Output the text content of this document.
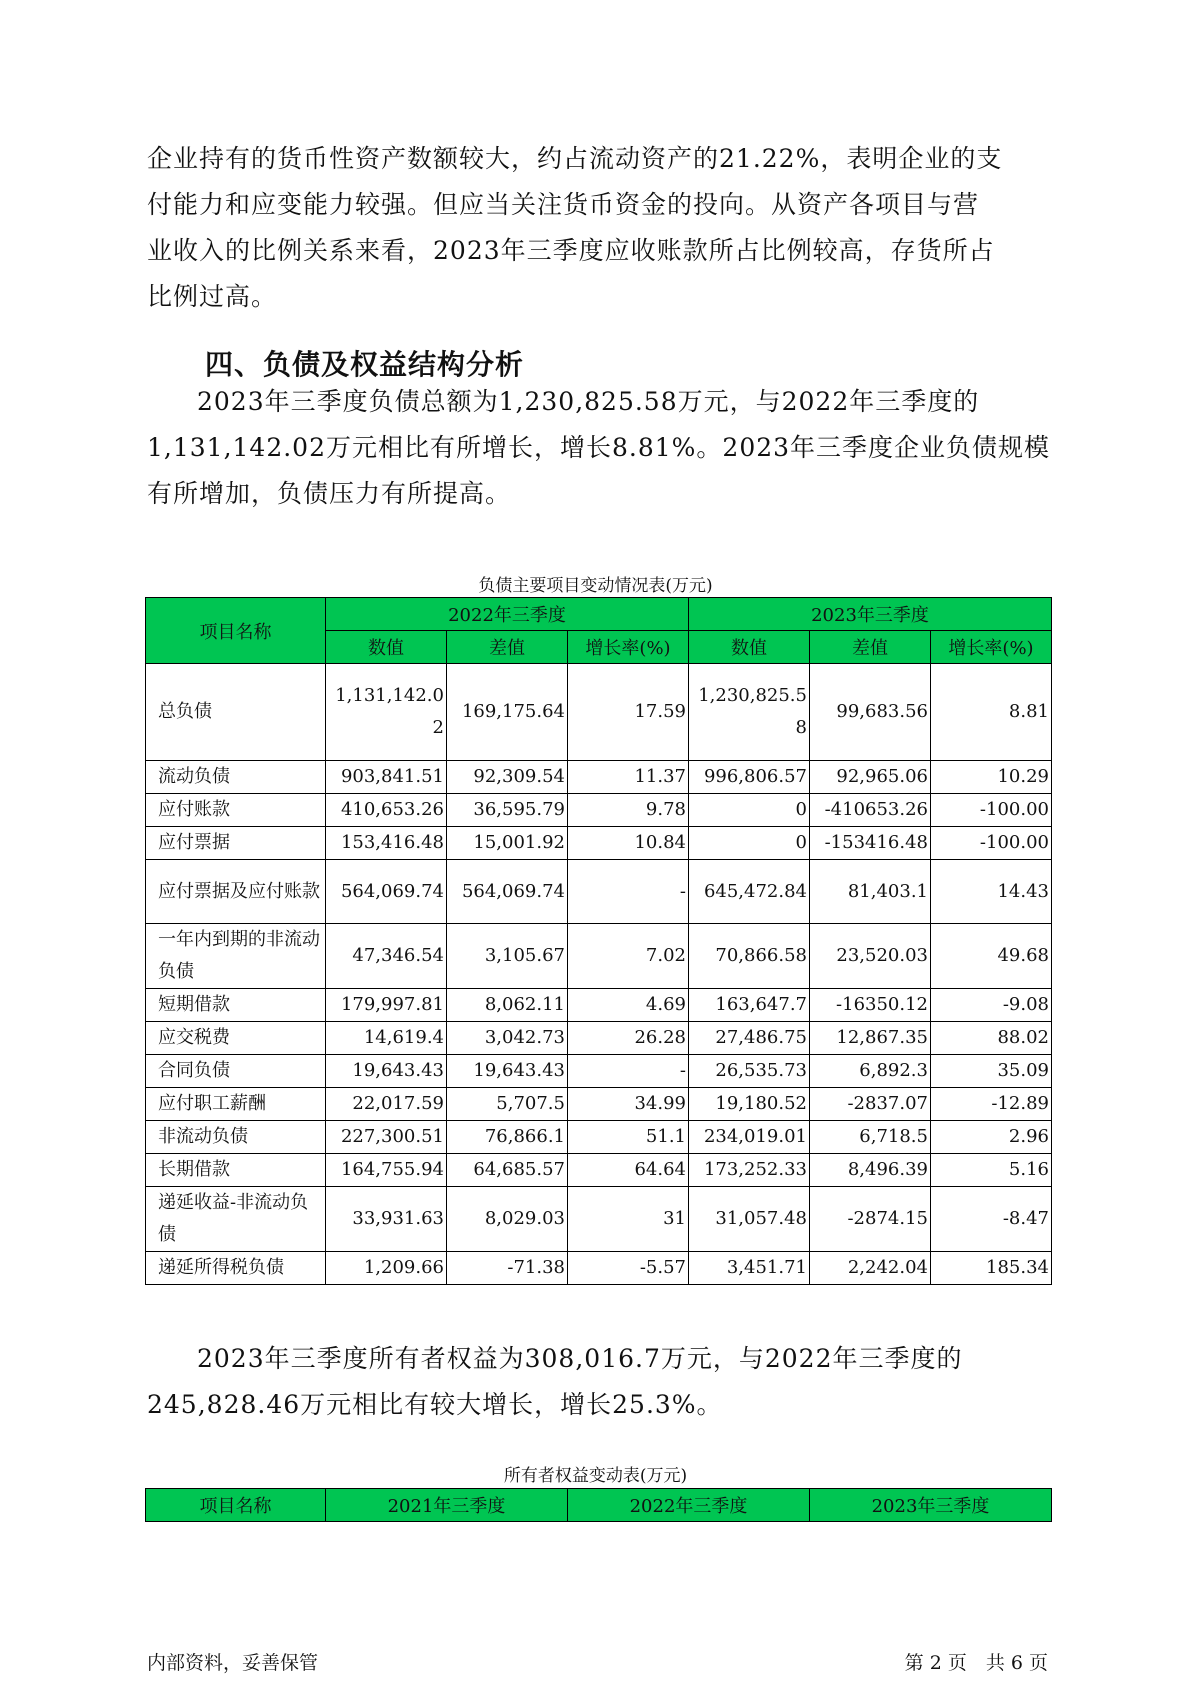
企业持有的货币性资产数额较大，约占流动资产的21.22%，表明企业的支
付能力和应变能力较强。但应当关注货币资金的投向。从资产各项目与营
业收入的比例关系来看，2023年三季度应收账款所占比例较高，存货所占
比例过高。
四、负债及权益结构分析
2023年三季度负债总额为1,230,825.58万元，与2022年三季度的
1,131,142.02万元相比有所增长，增长8.81%。2023年三季度企业负债规模
有所增加，负债压力有所提高。

负债主要项目变动情况表(万元)

项目名称	2022年三季度			2023年三季度		
	数值	差值	增长率(%)	数值	差值	增长率(%)
总负债	1,131,142.02	169,175.64	17.59	1,230,825.58	99,683.56	8.81
流动负债	903,841.51	92,309.54	11.37	996,806.57	92,965.06	10.29
应付账款	410,653.26	36,595.79	9.78	0	-410653.26	-100.00
应付票据	153,416.48	15,001.92	10.84	0	-153416.48	-100.00
应付票据及应付账款	564,069.74	564,069.74	-	645,472.84	81,403.1	14.43
一年内到期的非流动负债	47,346.54	3,105.67	7.02	70,866.58	23,520.03	49.68
短期借款	179,997.81	8,062.11	4.69	163,647.7	-16350.12	-9.08
应交税费	14,619.4	3,042.73	26.28	27,486.75	12,867.35	88.02
合同负债	19,643.43	19,643.43	-	26,535.73	6,892.3	35.09
应付职工薪酬	22,017.59	5,707.5	34.99	19,180.52	-2837.07	-12.89
非流动负债	227,300.51	76,866.1	51.1	234,019.01	6,718.5	2.96
长期借款	164,755.94	64,685.57	64.64	173,252.33	8,496.39	5.16
递延收益-非流动负债	33,931.63	8,029.03	31	31,057.48	-2874.15	-8.47
递延所得税负债	1,209.66	-71.38	-5.57	3,451.71	2,242.04	185.34
2023年三季度所有者权益为308,016.7万元，与2022年三季度的
245,828.46万元相比有较大增长，增长25.3%。

所有者权益变动表(万元)

项目名称	2021年三季度	2022年三季度	2023年三季度

内部资料，妥善保管	第 2 页　共 6 页
